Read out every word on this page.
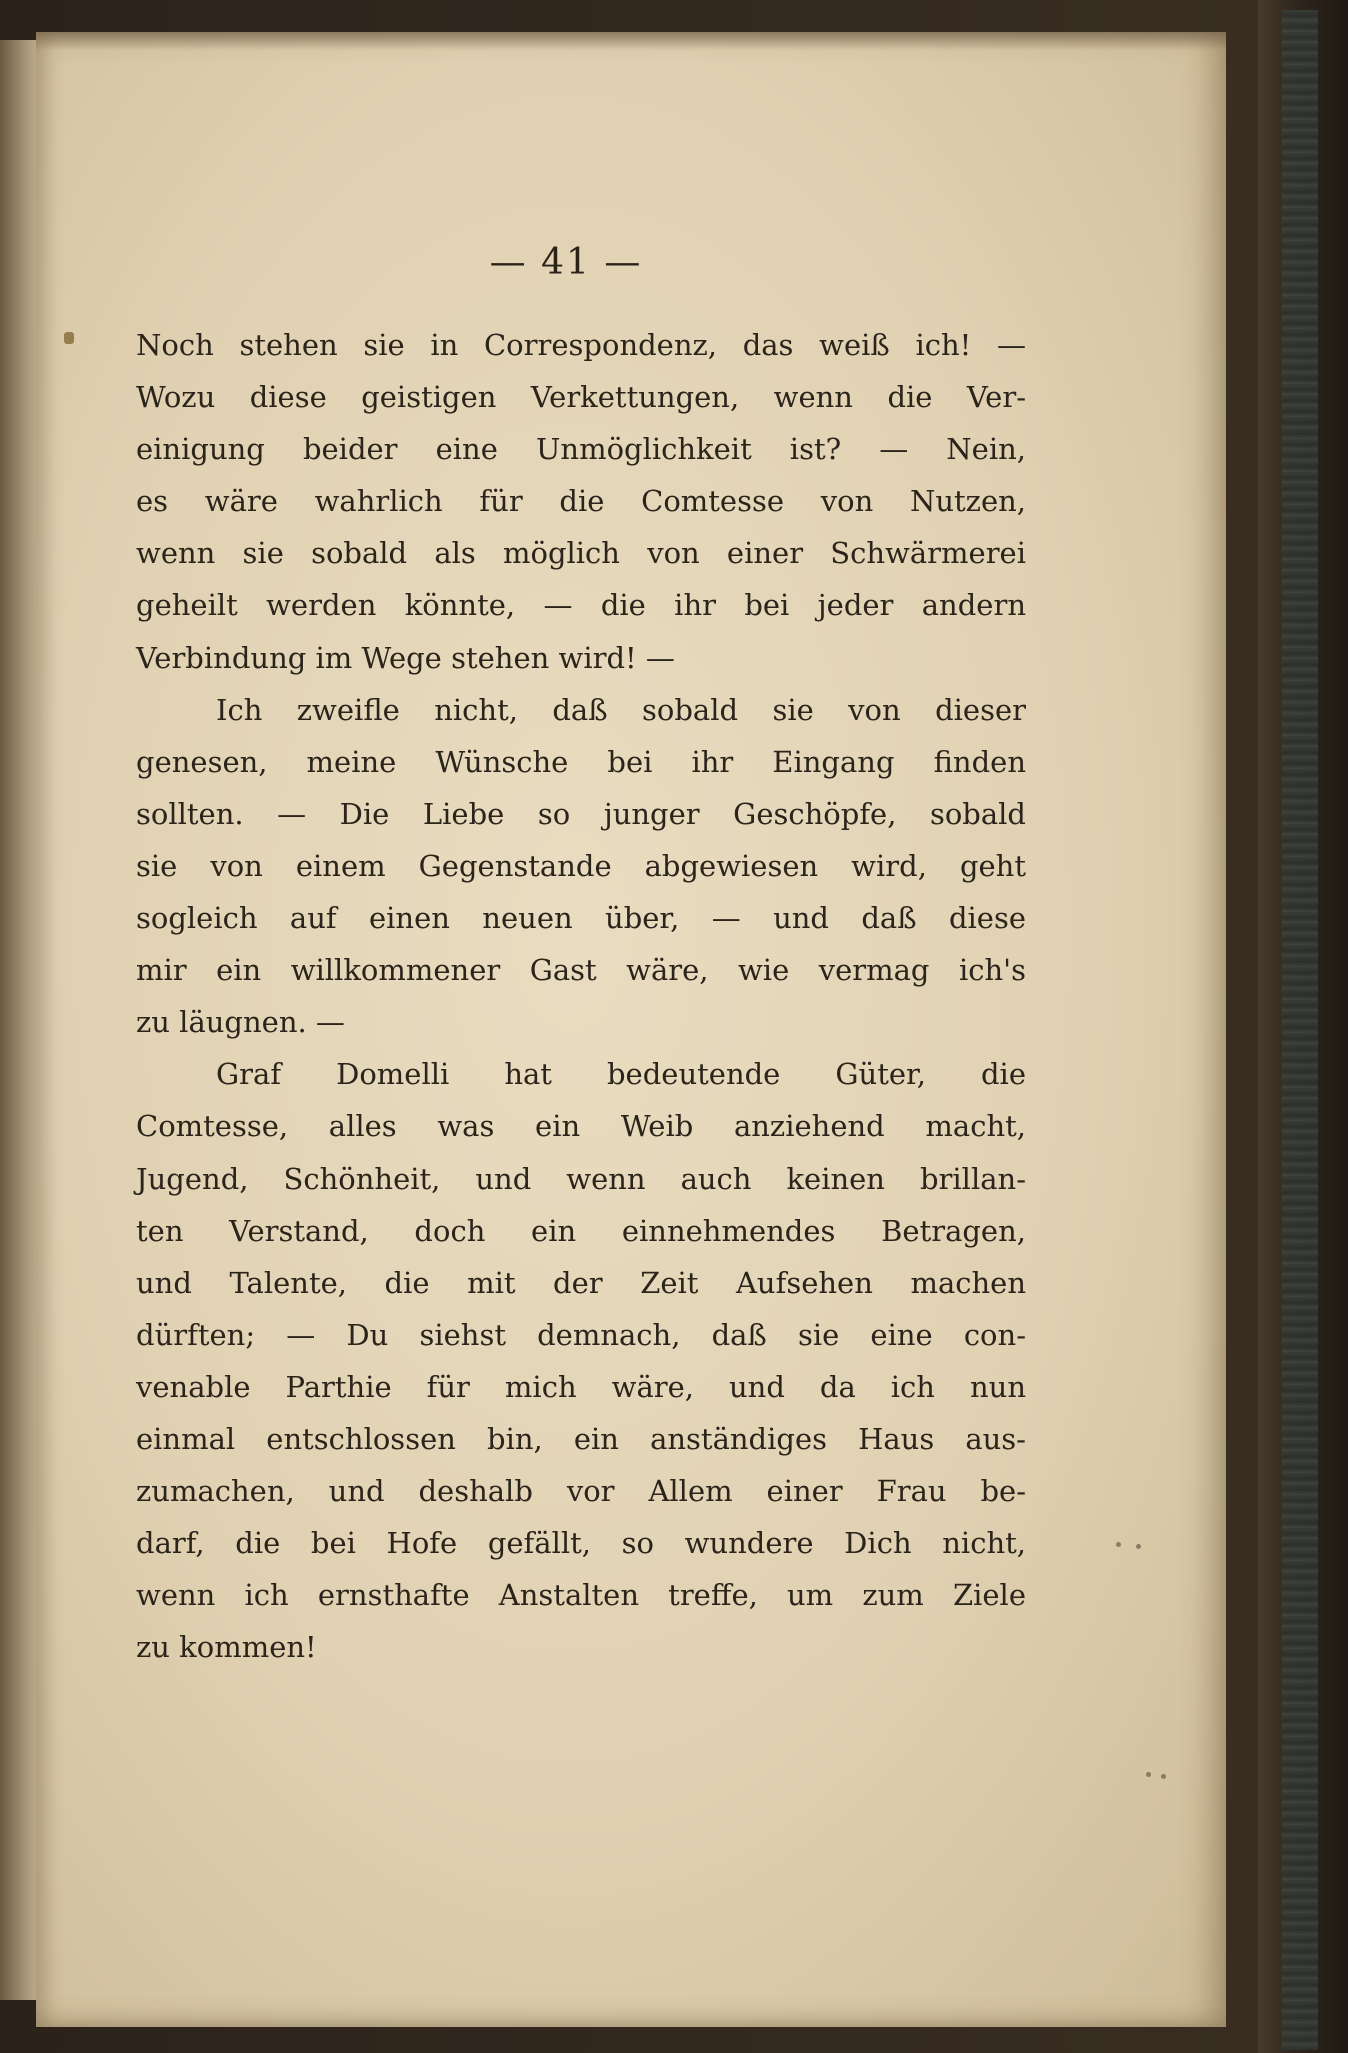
— 41 —
Noch stehen sie in Correspondenz, das weiß ich! —
Wozu diese geistigen Verkettungen, wenn die Ver-
einigung beider eine Unmöglichkeit ist? — Nein,
es wäre wahrlich für die Comtesse von Nutzen,
wenn sie sobald als möglich von einer Schwärmerei
geheilt werden könnte, — die ihr bei jeder andern
Verbindung im Wege stehen wird! —
Ich zweifle nicht, daß sobald sie von dieser
genesen, meine Wünsche bei ihr Eingang finden
sollten. — Die Liebe so junger Geschöpfe, sobald
sie von einem Gegenstande abgewiesen wird, geht
sogleich auf einen neuen über, — und daß diese
mir ein willkommener Gast wäre, wie vermag ich's
zu läugnen. —
Graf Domelli hat bedeutende Güter, die
Comtesse, alles was ein Weib anziehend macht,
Jugend, Schönheit, und wenn auch keinen brillan-
ten Verstand, doch ein einnehmendes Betragen,
und Talente, die mit der Zeit Aufsehen machen
dürften; — Du siehst demnach, daß sie eine con-
venable Parthie für mich wäre, und da ich nun
einmal entschlossen bin, ein anständiges Haus aus-
zumachen, und deshalb vor Allem einer Frau be-
darf, die bei Hofe gefällt, so wundere Dich nicht,
wenn ich ernsthafte Anstalten treffe, um zum Ziele
zu kommen!
